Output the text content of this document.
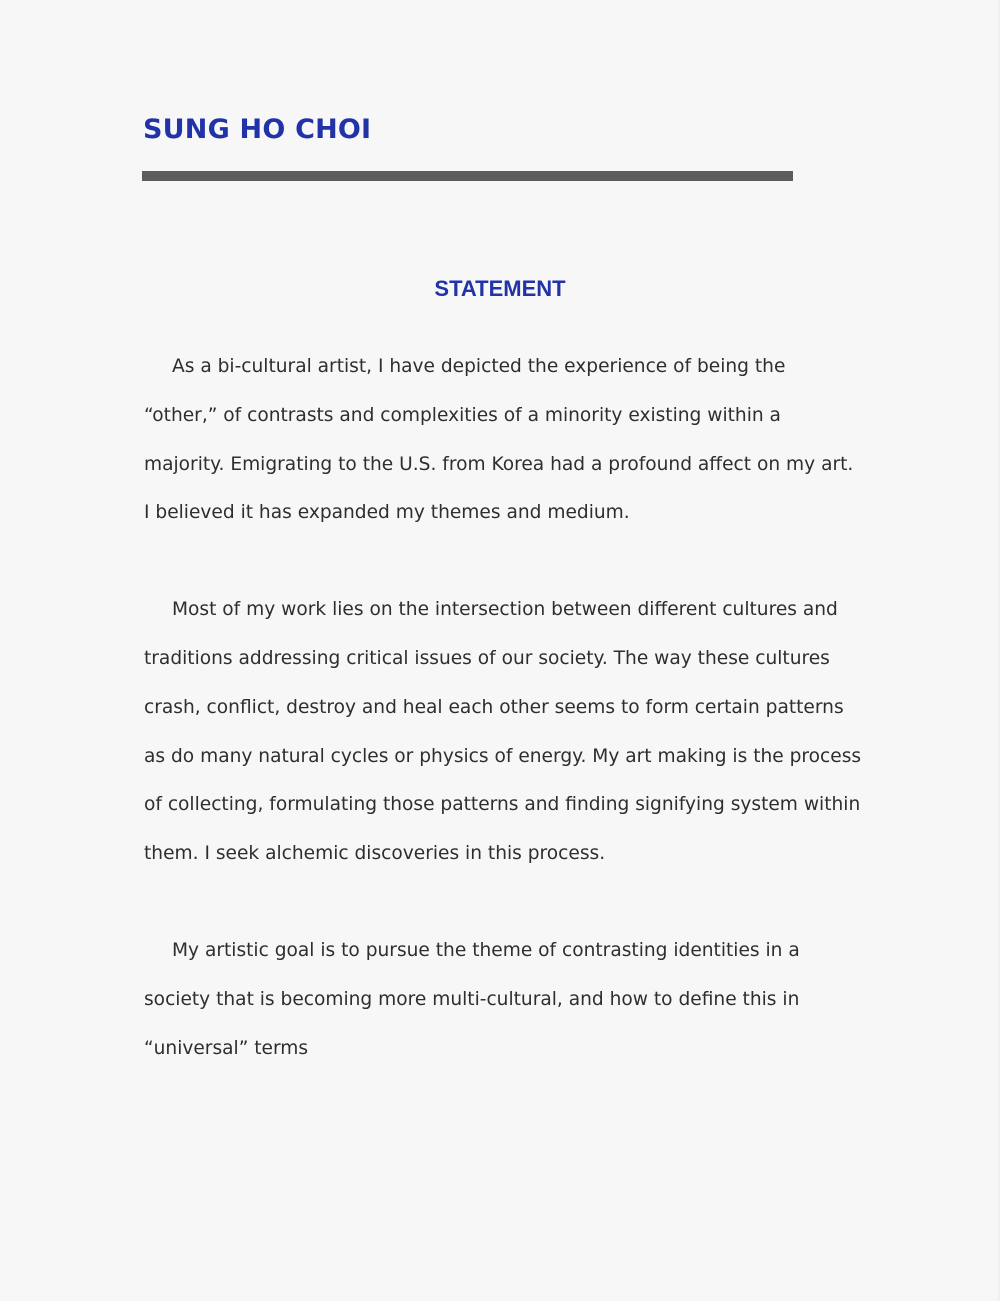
SUNG HO CHOI
STATEMENT

As a bi-cultural artist, I have depicted the experience of being the “other,” of contrasts and complexities of a minority existing within a majority. Emigrating to the U.S. from Korea had a profound affect on my art. I believed it has expanded my themes and medium.

Most of my work lies on the intersection between different cultures and traditions addressing critical issues of our society. The way these cultures crash, conflict, destroy and heal each other seems to form certain patterns as do many natural cycles or physics of energy. My art making is the process of collecting, formulating those patterns and finding signifying system within them. I seek alchemic discoveries in this process.

My artistic goal is to pursue the theme of contrasting identities in a society that is becoming more multi-cultural, and how to define this in “universal” terms
